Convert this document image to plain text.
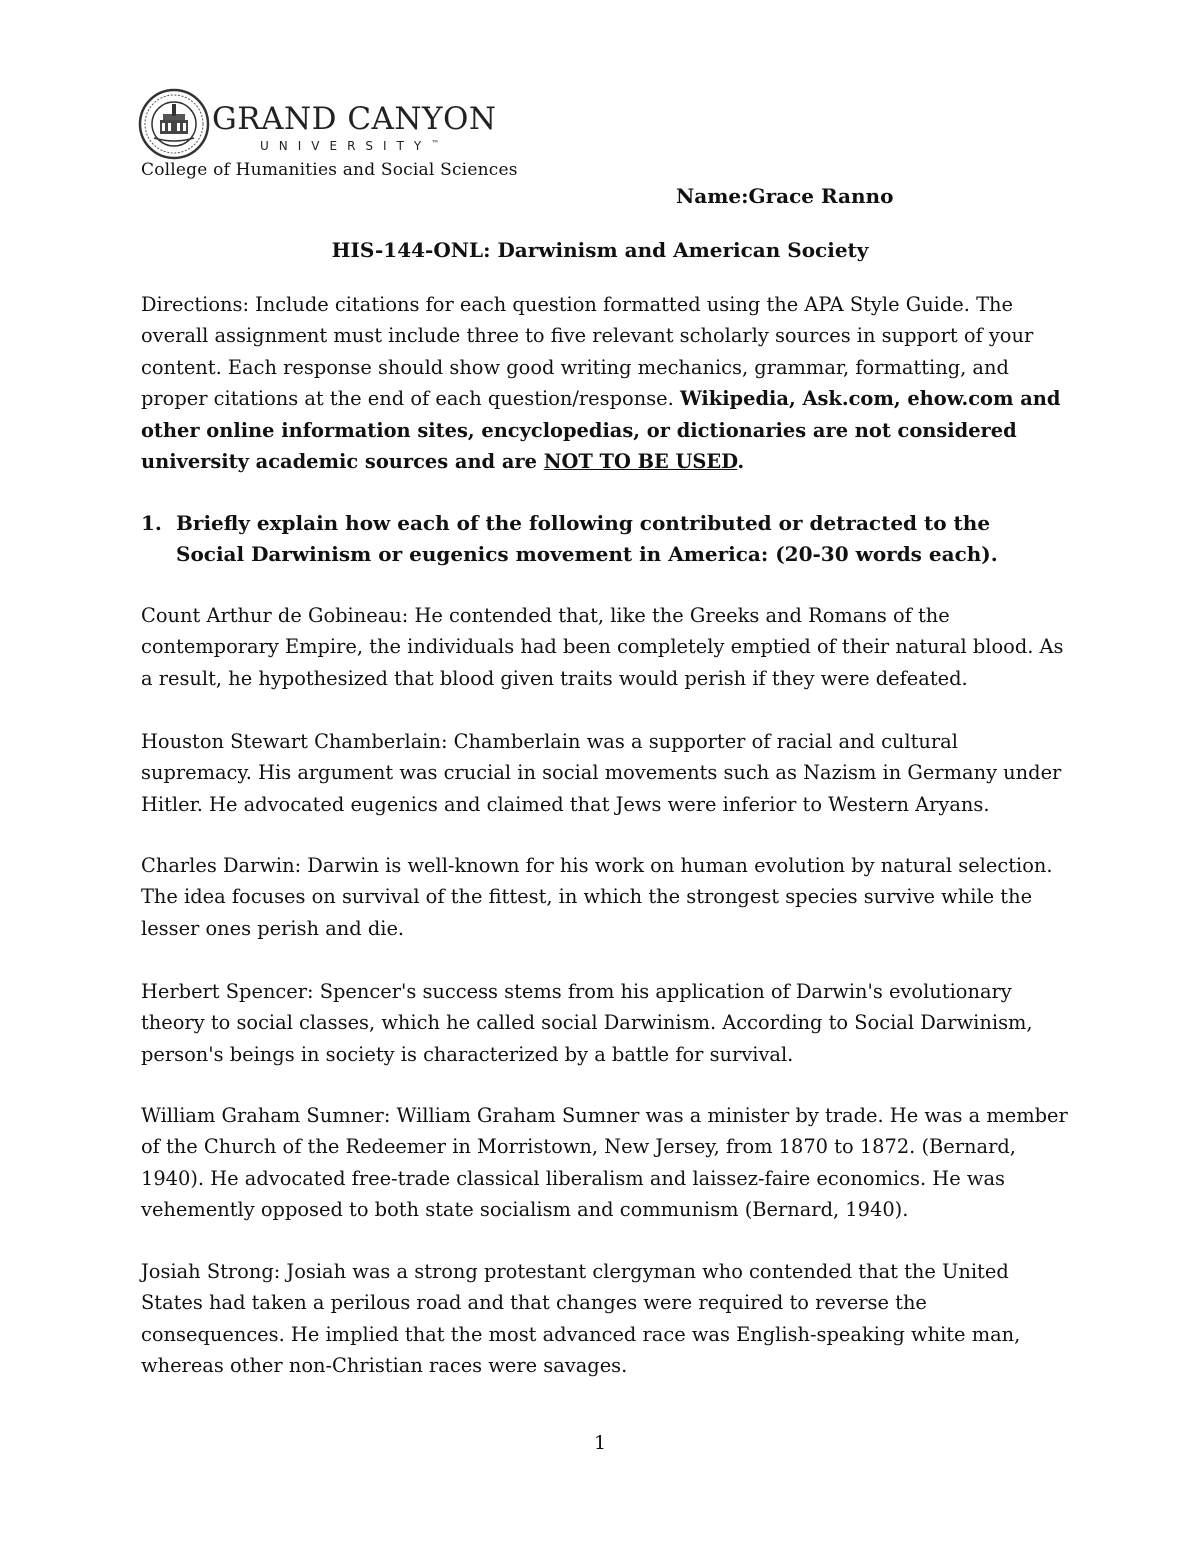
GRAND CANYON
UNIVERSITY™
College of Humanities and Social Sciences
Name:Grace Ranno
HIS-144-ONL: Darwinism and American Society
Directions: Include citations for each question formatted using the APA Style Guide. The overall assignment must include three to five relevant scholarly sources in support of your content. Each response should show good writing mechanics, grammar, formatting, and proper citations at the end of each question/response. Wikipedia, Ask.com, ehow.com and other online information sites, encyclopedias, or dictionaries are not considered university academic sources and are NOT TO BE USED.
1. Briefly explain how each of the following contributed or detracted to the Social Darwinism or eugenics movement in America: (20-30 words each).
Count Arthur de Gobineau: He contended that, like the Greeks and Romans of the contemporary Empire, the individuals had been completely emptied of their natural blood. As a result, he hypothesized that blood given traits would perish if they were defeated.
Houston Stewart Chamberlain: Chamberlain was a supporter of racial and cultural supremacy. His argument was crucial in social movements such as Nazism in Germany under Hitler. He advocated eugenics and claimed that Jews were inferior to Western Aryans.
Charles Darwin: Darwin is well-known for his work on human evolution by natural selection. The idea focuses on survival of the fittest, in which the strongest species survive while the lesser ones perish and die.
Herbert Spencer: Spencer's success stems from his application of Darwin's evolutionary theory to social classes, which he called social Darwinism. According to Social Darwinism, person's beings in society is characterized by a battle for survival.
William Graham Sumner: William Graham Sumner was a minister by trade. He was a member of the Church of the Redeemer in Morristown, New Jersey, from 1870 to 1872. (Bernard, 1940). He advocated free-trade classical liberalism and laissez-faire economics. He was vehemently opposed to both state socialism and communism (Bernard, 1940).
Josiah Strong: Josiah was a strong protestant clergyman who contended that the United States had taken a perilous road and that changes were required to reverse the consequences. He implied that the most advanced race was English-speaking white man, whereas other non-Christian races were savages.
1
